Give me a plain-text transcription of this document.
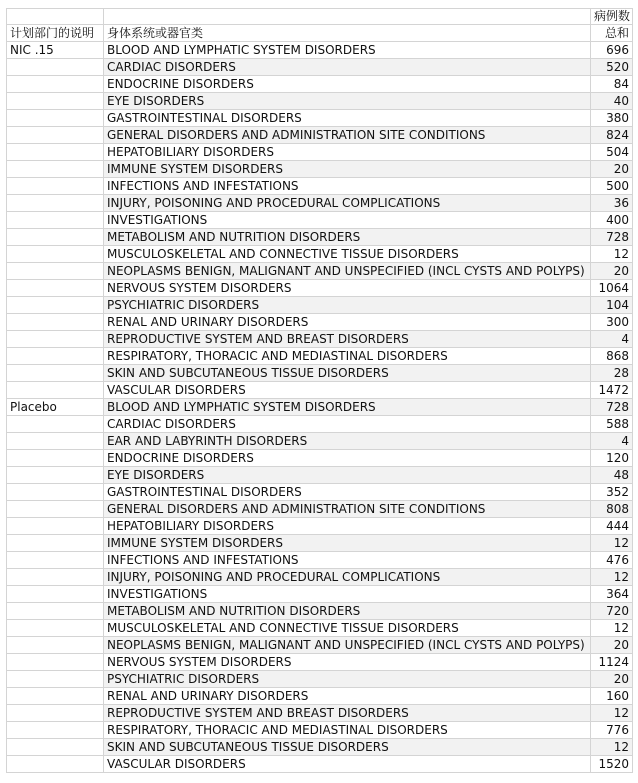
		病例数
计划部门的说明	身体系统或器官类	总和
NIC .15	BLOOD AND LYMPHATIC SYSTEM DISORDERS	696
	CARDIAC DISORDERS	520
	ENDOCRINE DISORDERS	84
	EYE DISORDERS	40
	GASTROINTESTINAL DISORDERS	380
	GENERAL DISORDERS AND ADMINISTRATION SITE CONDITIONS	824
	HEPATOBILIARY DISORDERS	504
	IMMUNE SYSTEM DISORDERS	20
	INFECTIONS AND INFESTATIONS	500
	INJURY, POISONING AND PROCEDURAL COMPLICATIONS	36
	INVESTIGATIONS	400
	METABOLISM AND NUTRITION DISORDERS	728
	MUSCULOSKELETAL AND CONNECTIVE TISSUE DISORDERS	12
	NEOPLASMS BENIGN, MALIGNANT AND UNSPECIFIED (INCL CYSTS AND POLYPS)	20
	NERVOUS SYSTEM DISORDERS	1064
	PSYCHIATRIC DISORDERS	104
	RENAL AND URINARY DISORDERS	300
	REPRODUCTIVE SYSTEM AND BREAST DISORDERS	4
	RESPIRATORY, THORACIC AND MEDIASTINAL DISORDERS	868
	SKIN AND SUBCUTANEOUS TISSUE DISORDERS	28
	VASCULAR DISORDERS	1472
Placebo	BLOOD AND LYMPHATIC SYSTEM DISORDERS	728
	CARDIAC DISORDERS	588
	EAR AND LABYRINTH DISORDERS	4
	ENDOCRINE DISORDERS	120
	EYE DISORDERS	48
	GASTROINTESTINAL DISORDERS	352
	GENERAL DISORDERS AND ADMINISTRATION SITE CONDITIONS	808
	HEPATOBILIARY DISORDERS	444
	IMMUNE SYSTEM DISORDERS	12
	INFECTIONS AND INFESTATIONS	476
	INJURY, POISONING AND PROCEDURAL COMPLICATIONS	12
	INVESTIGATIONS	364
	METABOLISM AND NUTRITION DISORDERS	720
	MUSCULOSKELETAL AND CONNECTIVE TISSUE DISORDERS	12
	NEOPLASMS BENIGN, MALIGNANT AND UNSPECIFIED (INCL CYSTS AND POLYPS)	20
	NERVOUS SYSTEM DISORDERS	1124
	PSYCHIATRIC DISORDERS	20
	RENAL AND URINARY DISORDERS	160
	REPRODUCTIVE SYSTEM AND BREAST DISORDERS	12
	RESPIRATORY, THORACIC AND MEDIASTINAL DISORDERS	776
	SKIN AND SUBCUTANEOUS TISSUE DISORDERS	12
	VASCULAR DISORDERS	1520
